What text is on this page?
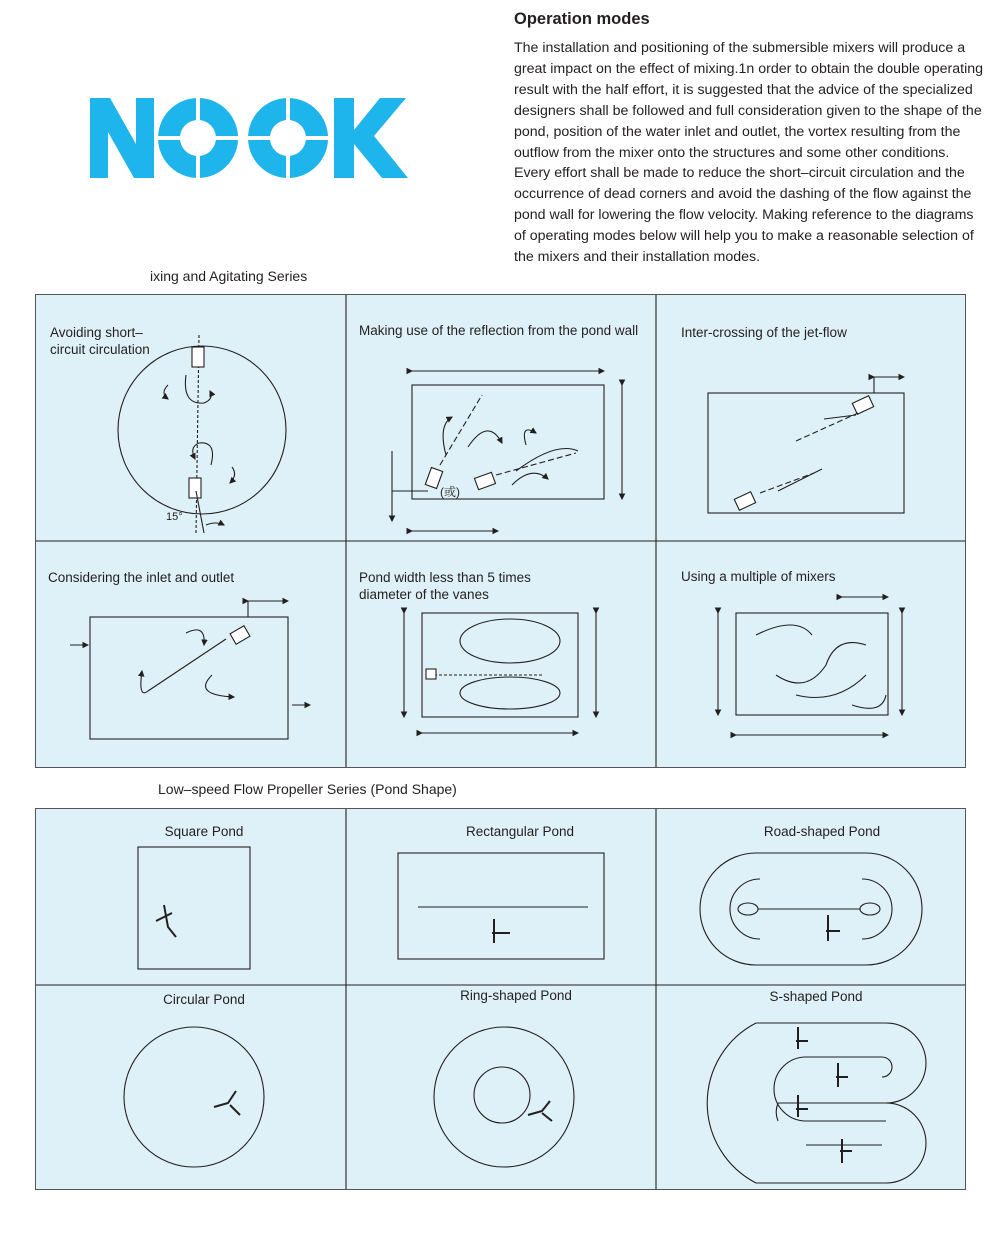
Operation modes

The installation and positioning of the submersible mixers will produce a great impact on the effect of mixing.1n order to obtain the double operating result with the half effort, it is suggested that the advice of the specialized designers shall be followed and full consideration given to the shape of the pond, position of the water inlet and outlet, the vortex resulting from the outflow from the mixer onto the structures and some other conditions. Every effort shall be made to reduce the short–circuit circulation and the occurrence of dead corners and avoid the dashing of the flow against the pond wall for lowering the flow velocity. Making reference to the diagrams of operating modes below will help you to make a reasonable selection of the mixers and their installation modes.

ixing and Agitating Series
15°
(或)
Avoiding short–circuit circulation
Making use of the reflection from the pond wall	Inter-crossing of the jet-flow
Considering the inlet and outlet	Pond width less than 5 times diameter of the vanes
Using a multiple of mixers
Low–speed Flow Propeller Series (Pond Shape)
Square Pond	Rectangular Pond	Road-shaped Pond
Circular Pond	Ring-shaped Pond	S-shaped Pond
